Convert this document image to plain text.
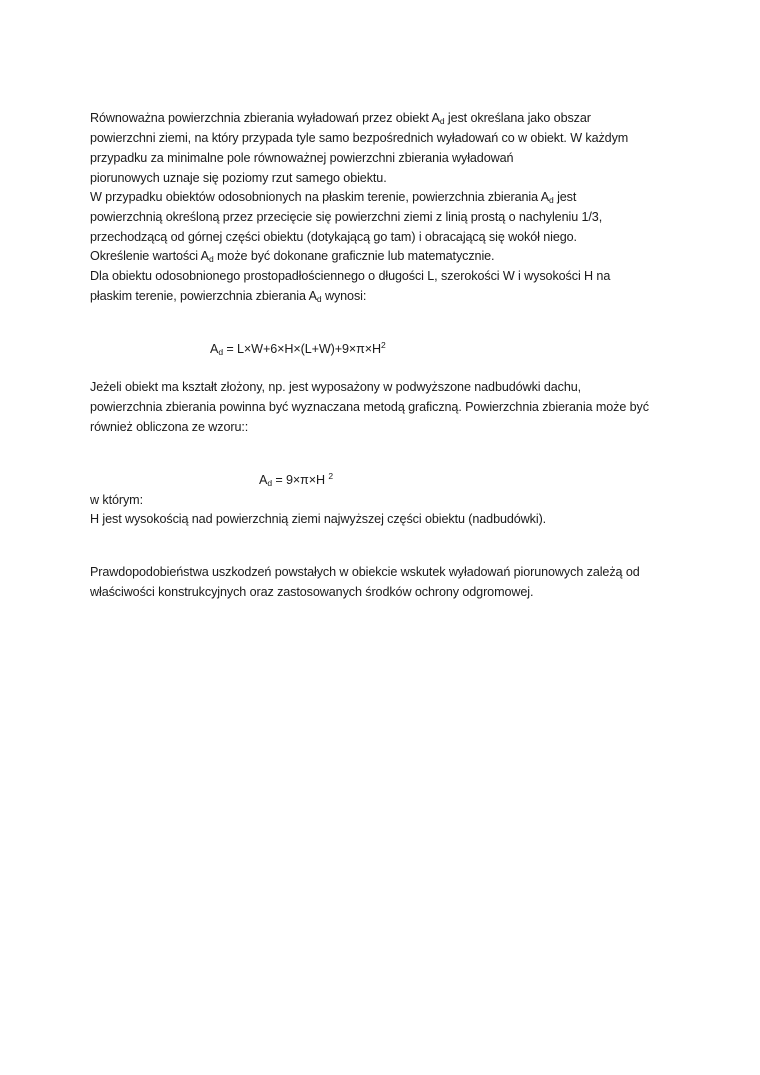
Równoważna powierzchnia zbierania wyładowań przez obiekt $A_d$ jest określana jako obszar
powierzchni ziemi, na który przypada tyle samo bezpośrednich wyładowań co w obiekt. W każdym
przypadku za minimalne pole równoważnej powierzchni zbierania wyładowań
piorunowych uznaje się poziomy rzut samego obiektu.
W przypadku obiektów odosobnionych na płaskim terenie, powierzchnia zbierania $A_d$ jest
powierzchnią określoną przez przecięcie się powierzchni ziemi z linią prostą o nachyleniu 1/3,
przechodzącą od górnej części obiektu (dotykającą go tam) i obracającą się wokół niego.
Określenie wartości $A_d$ może być dokonane graficznie lub matematycznie.
Dla obiektu odosobnionego prostopadłościennego o długości L, szerokości W i wysokości H na
płaskim terenie, powierzchnia zbierania $A_d$ wynosi:
$A_d = L\times W+6\times H\times(L+W)+9\times\pi\times H^2$
Jeżeli obiekt ma kształt złożony, np. jest wyposażony w podwyższone nadbudówki dachu,
powierzchnia zbierania powinna być wyznaczana metodą graficzną. Powierzchnia zbierania może być
również obliczona ze wzoru::
$A_d = 9\times\pi\times H$ $^2$
w którym:
H jest wysokością nad powierzchnią ziemi najwyższej części obiektu (nadbudówki).
Prawdopodobieństwa uszkodzeń powstałych w obiekcie wskutek wyładowań piorunowych zależą od
właściwości konstrukcyjnych oraz zastosowanych środków ochrony odgromowej.
